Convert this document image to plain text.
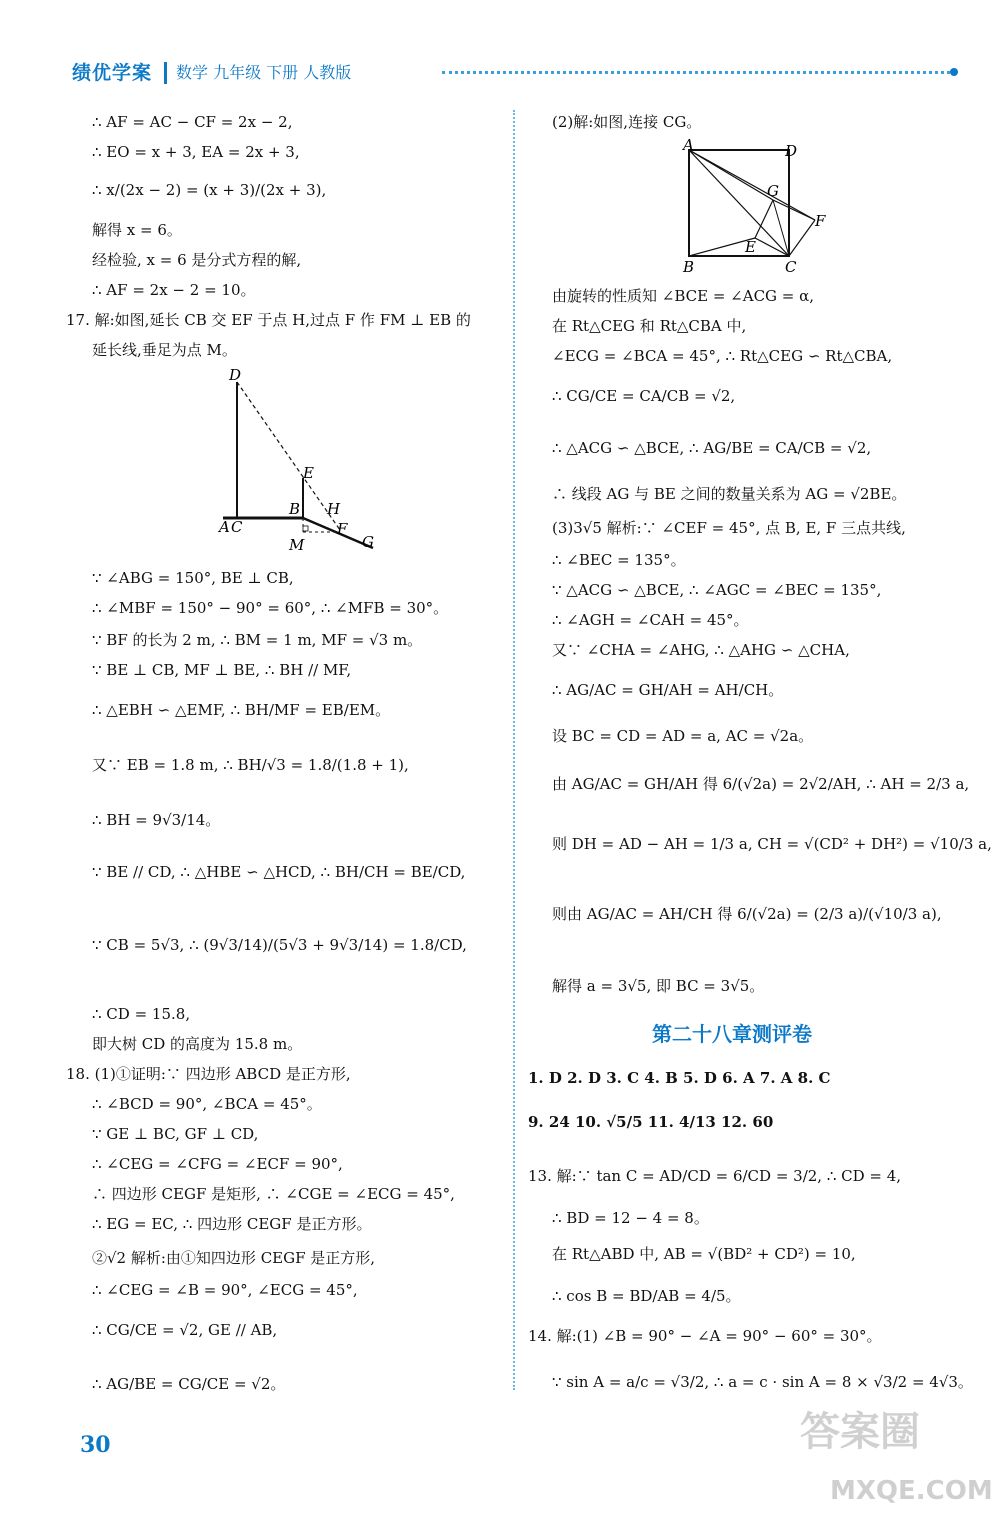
绩优学案 数学 九年级 下册 人教版
∴ AF = AC − CF = 2x − 2,
∴ EO = x + 3, EA = 2x + 3,
∴ x/(2x − 2) = (x + 3)/(2x + 3),
解得 x = 6。
经检验, x = 6 是分式方程的解,
∴ AF = 2x − 2 = 10。
17. 解:如图,延长 CB 交 EF 于点 H,过点 F 作 FM ⊥ EB 的
延长线,垂足为点 M。
D
E
B H
A C	F
M	G
∵ ∠ABG = 150°, BE ⊥ CB,
∴ ∠MBF = 150° − 90° = 60°, ∴ ∠MFB = 30°。
∵ BF 的长为 2 m, ∴ BM = 1 m, MF = √3 m。
∵ BE ⊥ CB, MF ⊥ BE, ∴ BH // MF,
∴ △EBH ∽ △EMF, ∴ BH/MF = EB/EM。
又∵ EB = 1.8 m, ∴ BH/√3 = 1.8/(1.8 + 1),
∴ BH = 9√3/14。
∵ BE // CD, ∴ △HBE ∽ △HCD, ∴ BH/CH = BE/CD,
∵ CB = 5√3, ∴ (9√3/14)/(5√3 + 9√3/14) = 1.8/CD,
∴ CD = 15.8,
即大树 CD 的高度为 15.8 m。
18. (1)①证明:∵ 四边形 ABCD 是正方形,
∴ ∠BCD = 90°, ∠BCA = 45°。
∵ GE ⊥ BC, GF ⊥ CD,
∴ ∠CEG = ∠CFG = ∠ECF = 90°,
∴ 四边形 CEGF 是矩形, ∴ ∠CGE = ∠ECG = 45°,
∴ EG = EC, ∴ 四边形 CEGF 是正方形。
②√2 解析:由①知四边形 CEGF 是正方形,
∴ ∠CEG = ∠B = 90°, ∠ECG = 45°,
∴ CG/CE = √2, GE // AB,
∴ AG/BE = CG/CE = √2。
(2)解:如图,连接 CG。
A	D
G
F
E
B	C
由旋转的性质知 ∠BCE = ∠ACG = α,
在 Rt△CEG 和 Rt△CBA 中,
∠ECG = ∠BCA = 45°, ∴ Rt△CEG ∽ Rt△CBA,
∴ CG/CE = CA/CB = √2,
∴ △ACG ∽ △BCE, ∴ AG/BE = CA/CB = √2,
∴ 线段 AG 与 BE 之间的数量关系为 AG = √2BE。
(3)3√5 解析:∵ ∠CEF = 45°, 点 B, E, F 三点共线,
∴ ∠BEC = 135°。
∵ △ACG ∽ △BCE, ∴ ∠AGC = ∠BEC = 135°,
∴ ∠AGH = ∠CAH = 45°。
又∵ ∠CHA = ∠AHG, ∴ △AHG ∽ △CHA,
∴ AG/AC = GH/AH = AH/CH。
设 BC = CD = AD = a, AC = √2a。
由 AG/AC = GH/AH 得 6/(√2a) = 2√2/AH, ∴ AH = 2/3 a,
则 DH = AD − AH = 1/3 a, CH = √(CD² + DH²) = √10/3 a,
则由 AG/AC = AH/CH 得 6/(√2a) = (2/3 a)/(√10/3 a),
解得 a = 3√5, 即 BC = 3√5。
第二十八章测评卷
1. D 2. D 3. C 4. B 5. D 6. A 7. A 8. C
9. 24 10. √5/5 11. 4/13 12. 60
13. 解:∵ tan C = AD/CD = 6/CD = 3/2, ∴ CD = 4,
∴ BD = 12 − 4 = 8。
在 Rt△ABD 中, AB = √(BD² + CD²) = 10,
∴ cos B = BD/AB = 4/5。
14. 解:(1) ∠B = 90° − ∠A = 90° − 60° = 30°。
∵ sin A = a/c = √3/2, ∴ a = c · sin A = 8 × √3/2 = 4√3。
30	答案圈
MXQE.COM
